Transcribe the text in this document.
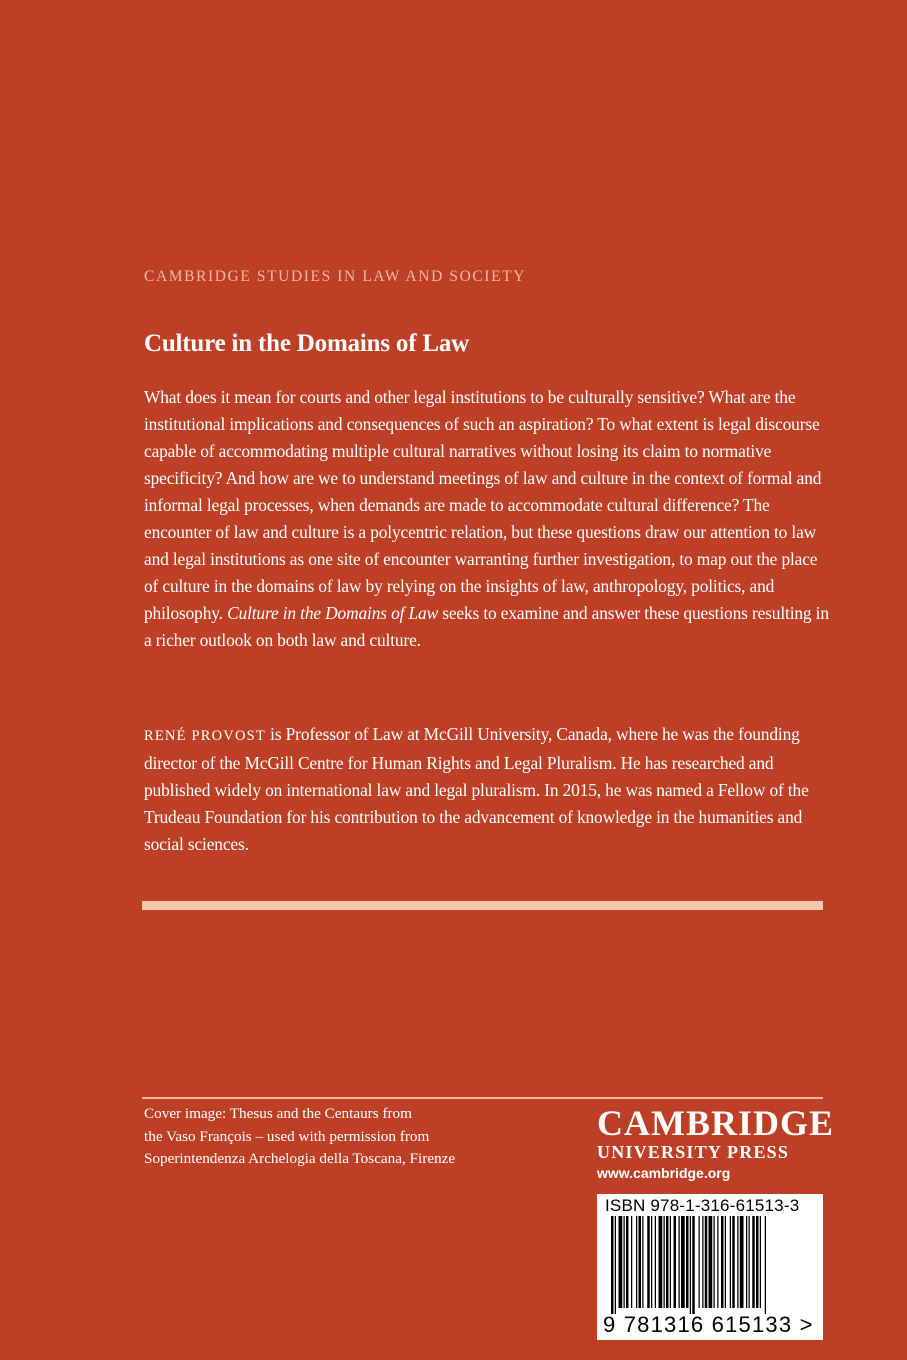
CAMBRIDGE STUDIES IN LAW AND SOCIETY
Culture in the Domains of Law

What does it mean for courts and other legal institutions to be culturally sensitive? What are the institutional implications and consequences of such an aspiration? To what extent is legal discourse capable of accommodating multiple cultural narratives without losing its claim to normative specificity? And how are we to understand meetings of law and culture in the context of formal and informal legal processes, when demands are made to accommodate cultural difference? The encounter of law and culture is a polycentric relation, but these questions draw our attention to law and legal institutions as one site of encounter warranting further investigation, to map out the place of culture in the domains of law by relying on the insights of law, anthropology, politics, and philosophy. Culture in the Domains of Law seeks to examine and answer these questions resulting in a richer outlook on both law and culture.

RENÉ PROVOST is Professor of Law at McGill University, Canada, where he was the founding director of the McGill Centre for Human Rights and Legal Pluralism. He has researched and published widely on international law and legal pluralism. In 2015, he was named a Fellow of the Trudeau Foundation for his contribution to the advancement of knowledge in the humanities and social sciences.

Cover image: Thesus and the Centaurs from
the Vaso François – used with permission from
Soperintendenza Archelogia della Toscana, Firenze

CAMBRIDGE
UNIVERSITY PRESS
www.cambridge.org
ISBN 978-1-316-61513-3
9 781316 615133 >
